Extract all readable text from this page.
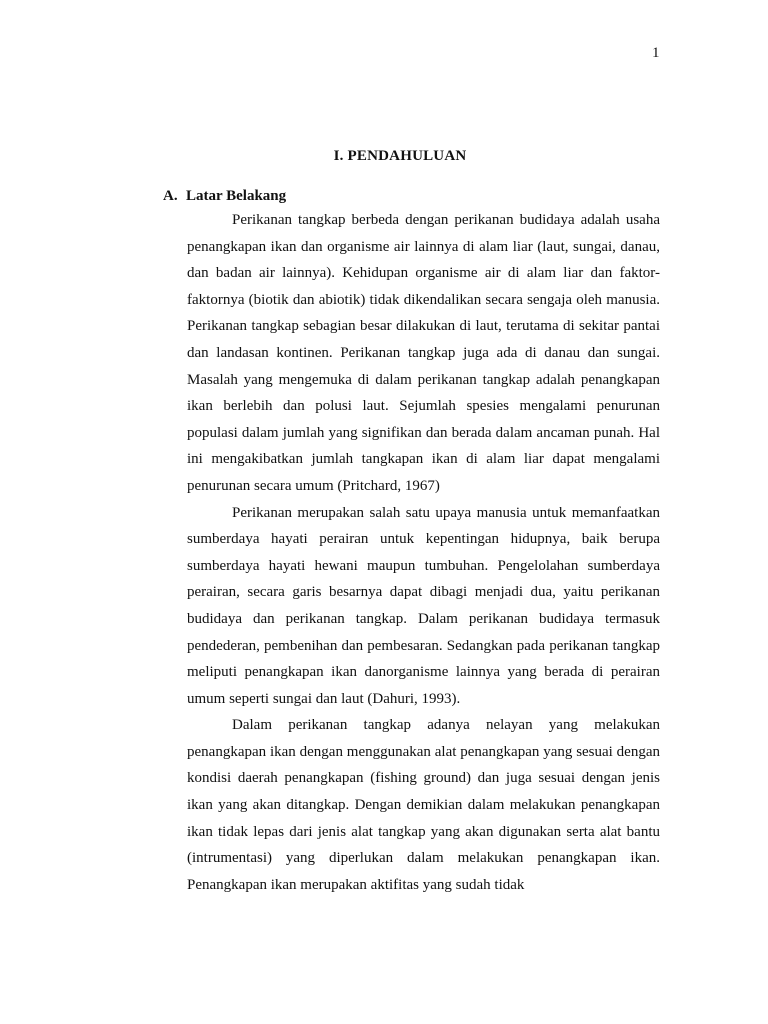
1
I. PENDAHULUAN
A. Latar Belakang

Perikanan tangkap berbeda dengan perikanan budidaya adalah usaha penangkapan ikan dan organisme air lainnya di alam liar (laut, sungai, danau, dan badan air lainnya). Kehidupan organisme air di alam liar dan faktor-faktornya (biotik dan abiotik) tidak dikendalikan secara sengaja oleh manusia. Perikanan tangkap sebagian besar dilakukan di laut, terutama di sekitar pantai dan landasan kontinen. Perikanan tangkap juga ada di danau dan sungai. Masalah yang mengemuka di dalam perikanan tangkap adalah penangkapan ikan berlebih dan polusi laut. Sejumlah spesies mengalami penurunan populasi dalam jumlah yang signifikan dan berada dalam ancaman punah. Hal ini mengakibatkan jumlah tangkapan ikan di alam liar dapat mengalami penurunan secara umum (Pritchard, 1967)

Perikanan merupakan salah satu upaya manusia untuk memanfaatkan sumberdaya hayati perairan untuk kepentingan hidupnya, baik berupa sumberdaya hayati hewani maupun tumbuhan. Pengelolahan sumberdaya perairan, secara garis besarnya dapat dibagi menjadi dua, yaitu perikanan budidaya dan perikanan tangkap. Dalam perikanan budidaya termasuk pendederan, pembenihan dan pembesaran. Sedangkan pada perikanan tangkap meliputi penangkapan ikan danorganisme lainnya yang berada di perairan umum seperti sungai dan laut (Dahuri, 1993).

Dalam perikanan tangkap adanya nelayan yang melakukan penangkapan ikan dengan menggunakan alat penangkapan yang sesuai dengan kondisi daerah penangkapan (fishing ground) dan juga sesuai dengan jenis ikan yang akan ditangkap. Dengan demikian dalam melakukan penangkapan ikan tidak lepas dari jenis alat tangkap yang akan digunakan serta alat bantu (intrumentasi) yang diperlukan dalam melakukan penangkapan ikan. Penangkapan ikan merupakan aktifitas yang sudah tidak
